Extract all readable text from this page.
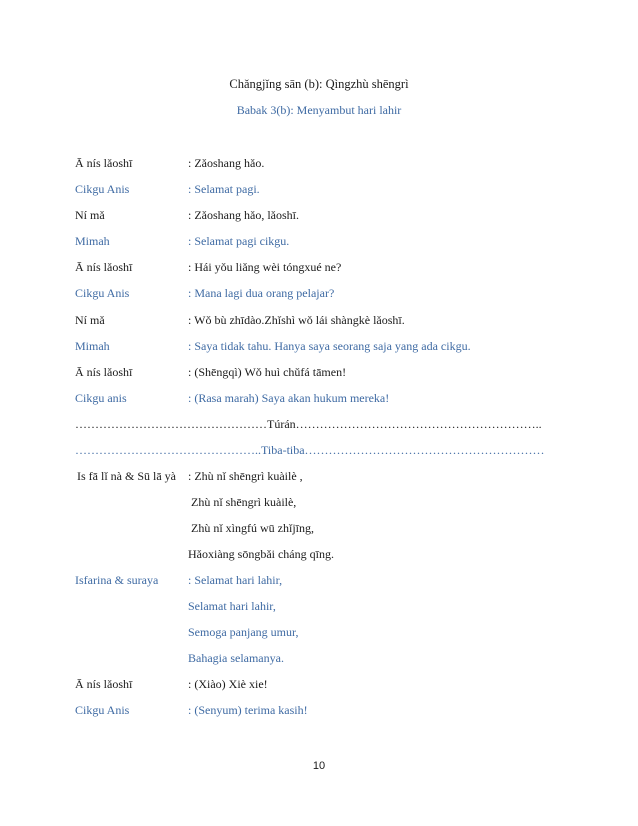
Chǎngjǐng sān (b): Qìngzhù shēngrì
Babak 3(b): Menyambut hari lahir
Ā nís lǎoshī	: Zǎoshang hǎo.
Cikgu Anis	: Selamat pagi.
Ní mǎ	: Zǎoshang hǎo, lǎoshī.
Mimah	: Selamat pagi cikgu.
Ā nís lǎoshī	: Hái yǒu liǎng wèi tóngxué ne?
Cikgu Anis	: Mana lagi dua orang pelajar?
Ní mǎ	: Wǒ bù zhīdào.Zhǐshì wǒ lái shàngkè lǎoshī.
Mimah	: Saya tidak tahu. Hanya saya seorang saja yang ada cikgu.
Ā nís lǎoshī	: (Shēngqì) Wǒ huì chǔfá tāmen!
Cikgu anis	: (Rasa marah) Saya akan hukum mereka!
…………………………………………Túrán……………………………………………………..
………………………………………..Tiba-tiba……………………………………………………
Is fā lǐ nà & Sū lā yà : Zhù nǐ shēngrì kuàilè ,
Zhù nǐ shēngrì kuàilè,
Zhù nǐ xìngfú wū zhǐjīng,
Hǎoxiàng sōngbǎi cháng qīng.
Isfarina & suraya : Selamat hari lahir,
Selamat hari lahir,
Semoga panjang umur,
Bahagia selamanya.
Ā nís lǎoshī	: (Xiào) Xiè xie!
Cikgu Anis	: (Senyum) terima kasih!
10
